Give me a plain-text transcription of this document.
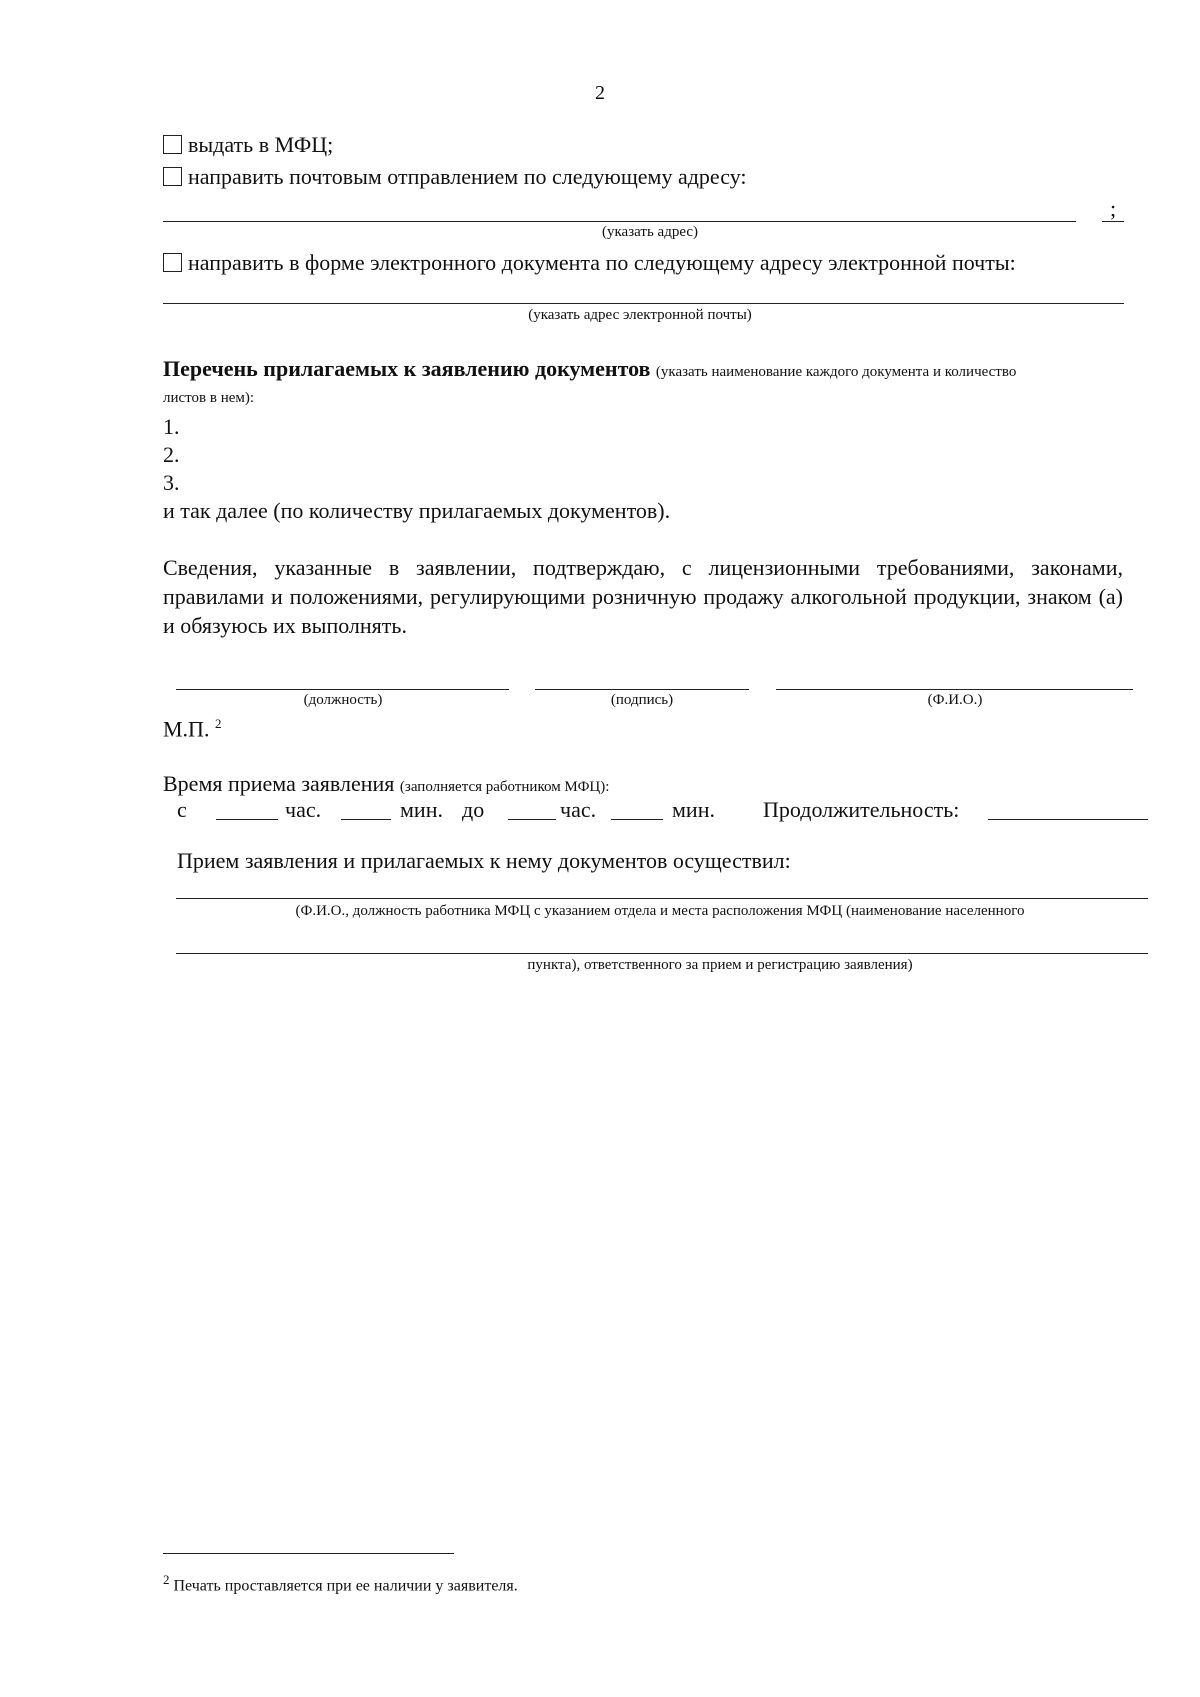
2
выдать в МФЦ;
направить почтовым отправлением по следующему адресу:
;
(указать адрес)
направить в форме электронного документа по следующему адресу электронной почты:
(указать адрес электронной почты)
Перечень прилагаемых к заявлению документов (указать наименование каждого документа и количество
листов в нем):
1.
2.
3.
и так далее (по количеству прилагаемых документов).
Сведения, указанные в заявлении, подтверждаю, с лицензионными требованиями, законами, правилами и положениями, регулирующими розничную продажу алкогольной продукции, знаком (а) и обязуюсь их выполнять.
(должность)	(подпись)	(Ф.И.О.)
М.П. $^2$
Время приема заявления (заполняется работником МФЦ):
с	час.	мин. до	час.	мин. Продолжительность:
Прием заявления и прилагаемых к нему документов осуществил:
(Ф.И.О., должность работника МФЦ с указанием отдела и места расположения МФЦ (наименование населенного
пункта), ответственного за прием и регистрацию заявления)
$^2$ Печать проставляется при ее наличии у заявителя.
